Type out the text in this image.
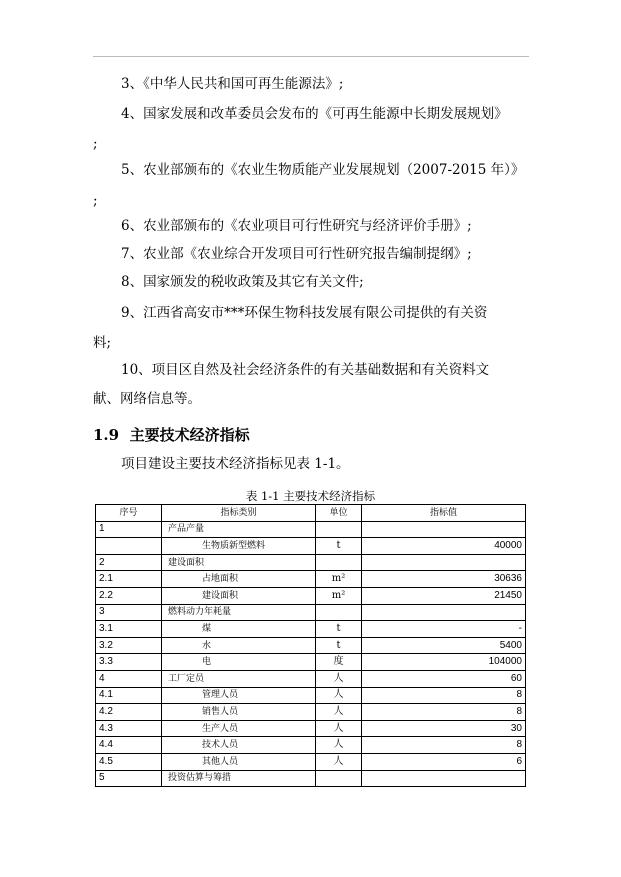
3、《中华人民共和国可再生能源法》;
4、国家发展和改革委员会发布的《可再生能源中长期发展规划》
;
5、农业部颁布的《农业生物质能产业发展规划（2007-2015 年）》
;
6、农业部颁布的《农业项目可行性研究与经济评价手册》;
7、农业部《农业综合开发项目可行性研究报告编制提纲》;
8、国家颁发的税收政策及其它有关文件;
9、江西省高安市***环保生物科技发展有限公司提供的有关资
料;
10、项目区自然及社会经济条件的有关基础数据和有关资料文
献、网络信息等。
1.9 主要技术经济指标
项目建设主要技术经济指标见表 1-1。
表 1-1 主要技术经济指标
序号	指标类别	单位	指标值
1	产品产量		
	生物质新型燃料	t	40000
2	建设面积		
2.1	占地面积	m²	30636
2.2	建设面积	m²	21450
3	燃料动力年耗量		
3.1	煤	t	-
3.2	水	t	5400
3.3	电	度	104000
4	工厂定员	人	60
4.1	管理人员	人	8
4.2	销售人员	人	8
4.3	生产人员	人	30
4.4	技术人员	人	8
4.5	其他人员	人	6
5	投资估算与筹措		
